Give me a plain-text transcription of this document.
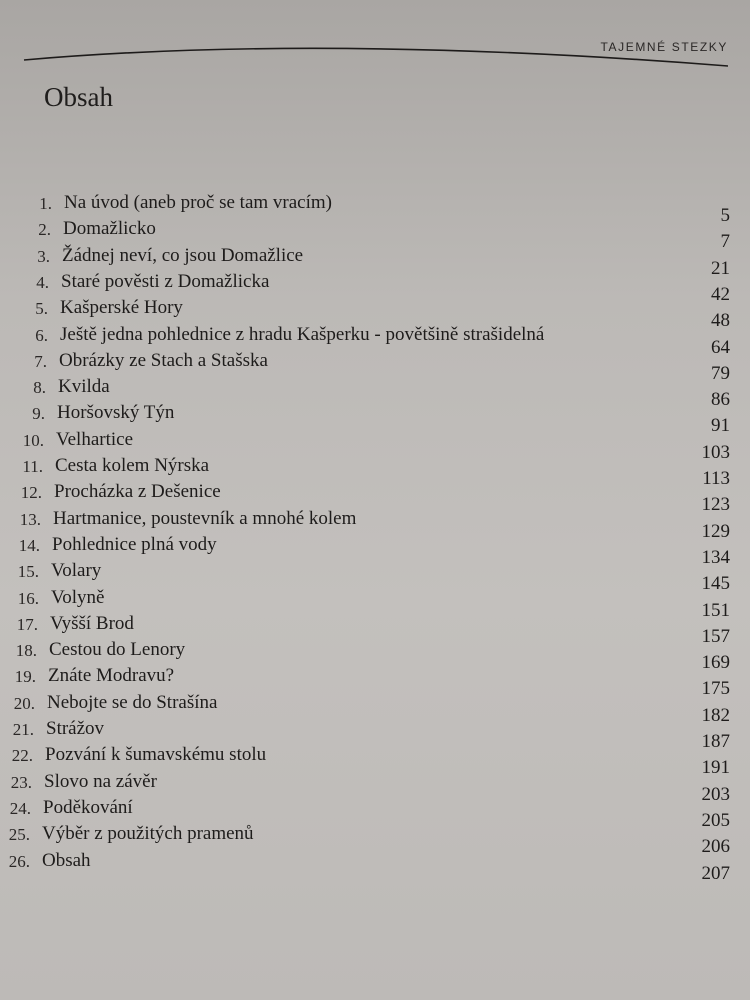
TAJEMNÉ STEZKY
Obsah
1. Na úvod (aneb proč se tam vracím)
2. Domažlicko
5
3. Žádnej neví, co jsou Domažlice
7
4. Staré pověsti z Domažlicka
21
5. Kašperské Hory
42
6. Ještě jedna pohlednice z hradu Kašperku - povětšině strašidelná
48
7. Obrázky ze Stach a Stašska
64
8. Kvilda
79
9. Horšovský Týn
86
10. Velhartice
91
11. Cesta kolem Nýrska
103
12. Procházka z Dešenice
113
13. Hartmanice, poustevník a mnohé kolem
123
14. Pohlednice plná vody
129
15. Volary
134
16. Volyně
145
17. Vyšší Brod
151
18. Cestou do Lenory
157
19. Znáte Modravu?
169
20. Nebojte se do Strašína
175
21. Strážov
182
22. Pozvání k šumavskému stolu
187
23. Slovo na závěr
191
24. Poděkování
203
25. Výběr z použitých pramenů
205
26. Obsah
206
207
